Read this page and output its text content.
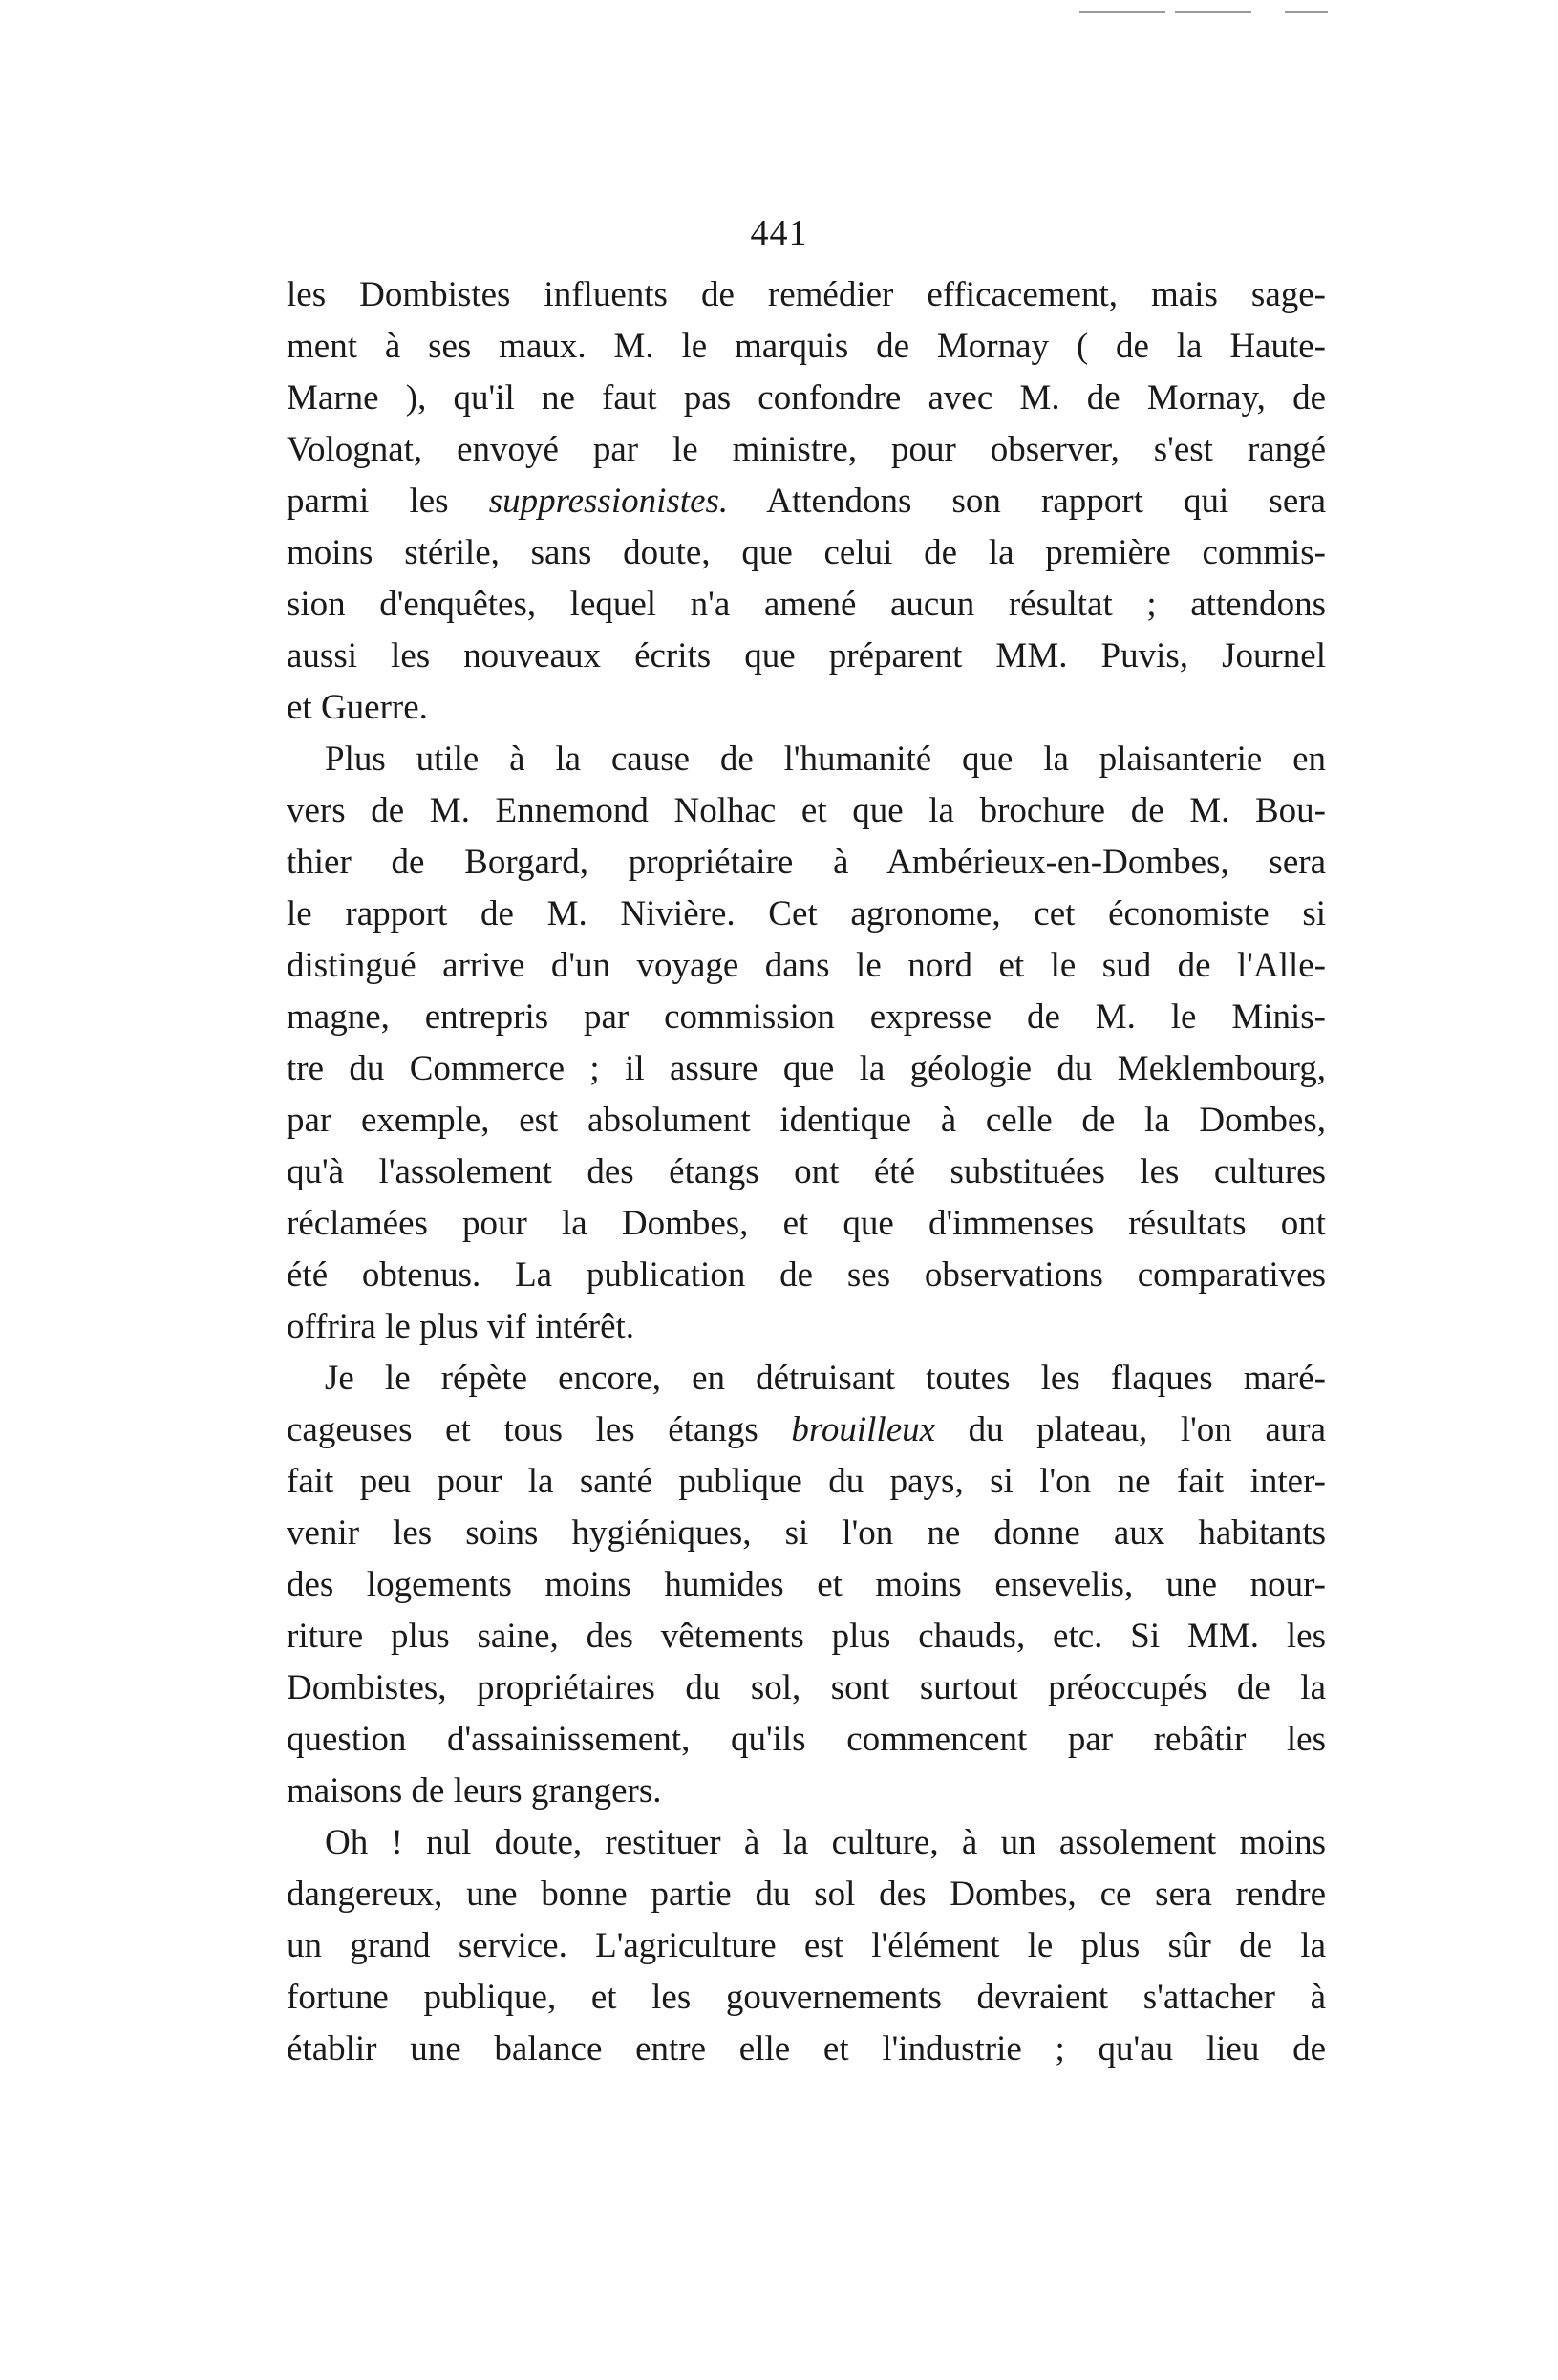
441
les Dombistes influents de remédier efficacement, mais sage-
ment à ses maux. M. le marquis de Mornay ( de la Haute-
Marne ), qu'il ne faut pas confondre avec M. de Mornay, de
Volognat, envoyé par le ministre, pour observer, s'est rangé
parmi les suppressionistes. Attendons son rapport qui sera
moins stérile, sans doute, que celui de la première commis-
sion d'enquêtes, lequel n'a amené aucun résultat ; attendons
aussi les nouveaux écrits que préparent MM. Puvis, Journel
et Guerre.
Plus utile à la cause de l'humanité que la plaisanterie en
vers de M. Ennemond Nolhac et que la brochure de M. Bou-
thier de Borgard, propriétaire à Ambérieux-en-Dombes, sera
le rapport de M. Nivière. Cet agronome, cet économiste si
distingué arrive d'un voyage dans le nord et le sud de l'Alle-
magne, entrepris par commission expresse de M. le Minis-
tre du Commerce ; il assure que la géologie du Meklembourg,
par exemple, est absolument identique à celle de la Dombes,
qu'à l'assolement des étangs ont été substituées les cultures
réclamées pour la Dombes, et que d'immenses résultats ont
été obtenus. La publication de ses observations comparatives
offrira le plus vif intérêt.
Je le répète encore, en détruisant toutes les flaques maré-
cageuses et tous les étangs brouilleux du plateau, l'on aura
fait peu pour la santé publique du pays, si l'on ne fait inter-
venir les soins hygiéniques, si l'on ne donne aux habitants
des logements moins humides et moins ensevelis, une nour-
riture plus saine, des vêtements plus chauds, etc. Si MM. les
Dombistes, propriétaires du sol, sont surtout préoccupés de la
question d'assainissement, qu'ils commencent par rebâtir les
maisons de leurs grangers.
Oh ! nul doute, restituer à la culture, à un assolement moins
dangereux, une bonne partie du sol des Dombes, ce sera rendre
un grand service. L'agriculture est l'élément le plus sûr de la
fortune publique, et les gouvernements devraient s'attacher à
établir une balance entre elle et l'industrie ; qu'au lieu de
